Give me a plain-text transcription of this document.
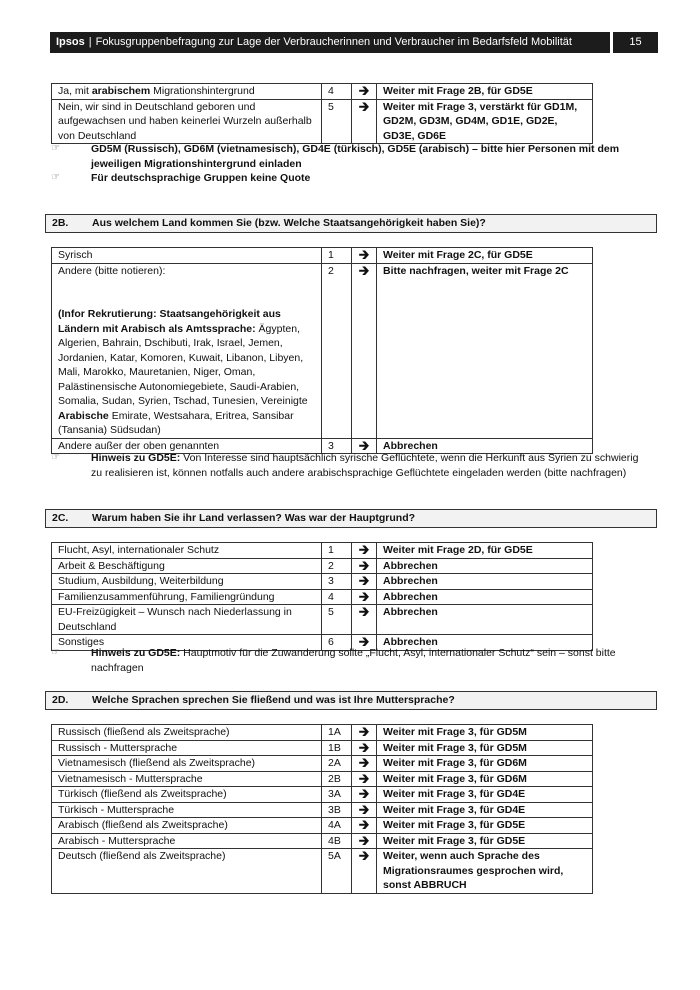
Ipsos | Fokusgruppenbefragung zur Lage der Verbraucherinnen und Verbraucher im Bedarfsfeld Mobilität	15
Ja, mit arabischem Migrationshintergrund	4	🡲	Weiter mit Frage 2B, für GD5E
Nein, wir sind in Deutschland geboren und aufgewachsen und haben keinerlei Wurzeln außerhalb von Deutschland	5	🡲	Weiter mit Frage 3, verstärkt für GD1M, GD2M, GD3M, GD4M, GD1E, GD2E, GD3E, GD6E
☞	GD5M (Russisch), GD6M (vietnamesisch), GD4E (türkisch), GD5E (arabisch) – bitte hier Personen mit dem jeweiligen Migrationshintergrund einladen
☞	Für deutschsprachige Gruppen keine Quote
2B. Aus welchem Land kommen Sie (bzw. Welche Staatsangehörigkeit haben Sie)?
Syrisch	1	🡲	Weiter mit Frage 2C, für GD5E

Andere (bitte notieren):
(Infor Rekrutierung: Staatsangehörigkeit aus Ländern mit Arabisch als Amtssprache: Ägypten, Algerien, Bahrain, Dschibuti, Irak, Israel, Jemen, Jordanien, Katar, Komoren, Kuwait, Libanon, Libyen, Mali, Marokko, Mauretanien, Niger, Oman, Palästinensische Autonomiegebiete, Saudi-Arabien, Somalia, Sudan, Syrien, Tschad, Tunesien, Vereinigte Arabische Emirate, Westsahara, Eritrea, Sansibar (Tansania) Südsudan)	2	🡲	Bitte nachfragen, weiter mit Frage 2C
Andere außer der oben genannten	3	🡲	Abbrechen
☞	Hinweis zu GD5E: Von Interesse sind hauptsächlich syrische Geflüchtete, wenn die Herkunft aus Syrien zu schwierig zu realisieren ist, können notfalls auch andere arabischsprachige Geflüchtete eingeladen werden (bitte nachfragen)
2C. Warum haben Sie ihr Land verlassen? Was war der Hauptgrund?
Flucht, Asyl, internationaler Schutz	1	🡲	Weiter mit Frage 2D, für GD5E
Arbeit & Beschäftigung	2	🡲	Abbrechen
Studium, Ausbildung, Weiterbildung	3	🡲	Abbrechen
Familienzusammenführung, Familiengründung	4	🡲	Abbrechen
EU-Freizügigkeit – Wunsch nach Niederlassung in Deutschland	5	🡲	Abbrechen
Sonstiges	6	🡲	Abbrechen
☞	Hinweis zu GD5E: Hauptmotiv für die Zuwanderung sollte „Flucht, Asyl, internationaler Schutz“ sein – sonst bitte nachfragen
2D. Welche Sprachen sprechen Sie fließend und was ist Ihre Muttersprache?
Russisch (fließend als Zweitsprache)	1A	🡲	Weiter mit Frage 3, für GD5M
Russisch - Muttersprache	1B	🡲	Weiter mit Frage 3, für GD5M
Vietnamesisch (fließend als Zweitsprache)	2A	🡲	Weiter mit Frage 3, für GD6M
Vietnamesisch - Muttersprache	2B	🡲	Weiter mit Frage 3, für GD6M
Türkisch (fließend als Zweitsprache)	3A	🡲	Weiter mit Frage 3, für GD4E
Türkisch - Muttersprache	3B	🡲	Weiter mit Frage 3, für GD4E
Arabisch (fließend als Zweitsprache)	4A	🡲	Weiter mit Frage 3, für GD5E
Arabisch - Muttersprache	4B	🡲	Weiter mit Frage 3, für GD5E
Deutsch (fließend als Zweitsprache)	5A	🡲	Weiter, wenn auch Sprache des Migrationsraumes gesprochen wird, sonst ABBRUCH
